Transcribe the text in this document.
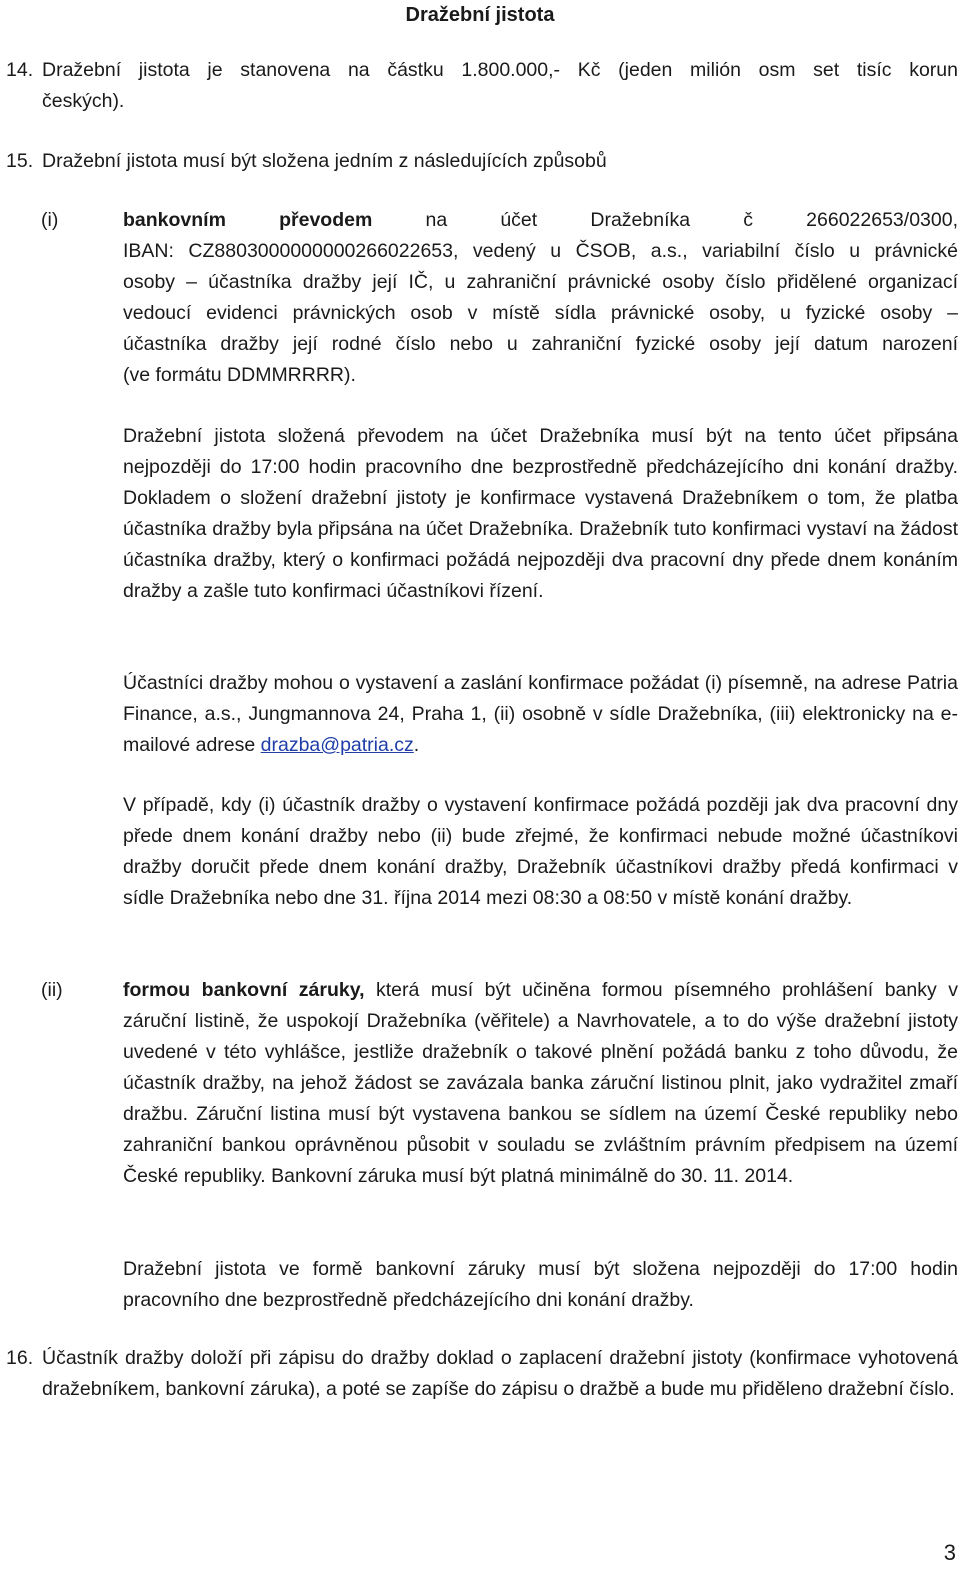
Dražební jistota
14. Dražební jistota je stanovena na částku 1.800.000,- Kč (jeden milión osm set tisíc korun
českých).
15. Dražební jistota musí být složena jedním z následujících způsobů
(i)	bankovním převodem na účet Dražebníka č 266022653/0300,
IBAN: CZ8803000000000266022653, vedený u ČSOB, a.s., variabilní číslo u právnické
osoby – účastníka dražby její IČ, u zahraniční právnické osoby číslo přidělené organizací
vedoucí evidenci právnických osob v místě sídla právnické osoby, u fyzické osoby –
účastníka dražby její rodné číslo nebo u zahraniční fyzické osoby její datum narození
(ve formátu DDMMRRRR).
Dražební jistota složená převodem na účet Dražebníka musí být na tento účet připsána nejpozději do 17:00 hodin pracovního dne bezprostředně předcházejícího dni konání dražby. Dokladem o složení dražební jistoty je konfirmace vystavená Dražebníkem o tom, že platba účastníka dražby byla připsána na účet Dražebníka. Dražebník tuto konfirmaci vystaví na žádost účastníka dražby, který o konfirmaci požádá nejpozději dva pracovní dny přede dnem konáním dražby a zašle tuto konfirmaci účastníkovi řízení.
Účastníci dražby mohou o vystavení a zaslání konfirmace požádat (i) písemně, na adrese Patria Finance, a.s., Jungmannova 24, Praha 1, (ii) osobně v sídle Dražebníka, (iii) elektronicky na e-mailové adrese drazba@patria.cz.
V případě, kdy (i) účastník dražby o vystavení konfirmace požádá později jak dva pracovní dny přede dnem konání dražby nebo (ii) bude zřejmé, že konfirmaci nebude možné účastníkovi dražby doručit přede dnem konání dražby, Dražebník účastníkovi dražby předá konfirmaci v sídle Dražebníka nebo dne 31. října 2014 mezi 08:30 a 08:50 v místě konání dražby.
(ii)	formou bankovní záruky, která musí být učiněna formou písemného prohlášení banky v záruční listině, že uspokojí Dražebníka (věřitele) a Navrhovatele, a to do výše dražební jistoty uvedené v této vyhlášce, jestliže dražebník o takové plnění požádá banku z toho důvodu, že účastník dražby, na jehož žádost se zavázala banka záruční listinou plnit, jako vydražitel zmaří dražbu. Záruční listina musí být vystavena bankou se sídlem na území České republiky nebo zahraniční bankou oprávněnou působit v souladu se zvláštním právním předpisem na území České republiky. Bankovní záruka musí být platná minimálně do 30. 11. 2014.
Dražební jistota ve formě bankovní záruky musí být složena nejpozději do 17:00 hodin pracovního dne bezprostředně předcházejícího dni konání dražby.
16. Účastník dražby doloží při zápisu do dražby doklad o zaplacení dražební jistoty (konfirmace vyhotovená dražebníkem, bankovní záruka), a poté se zapíše do zápisu o dražbě a bude mu přiděleno dražební číslo.
3
